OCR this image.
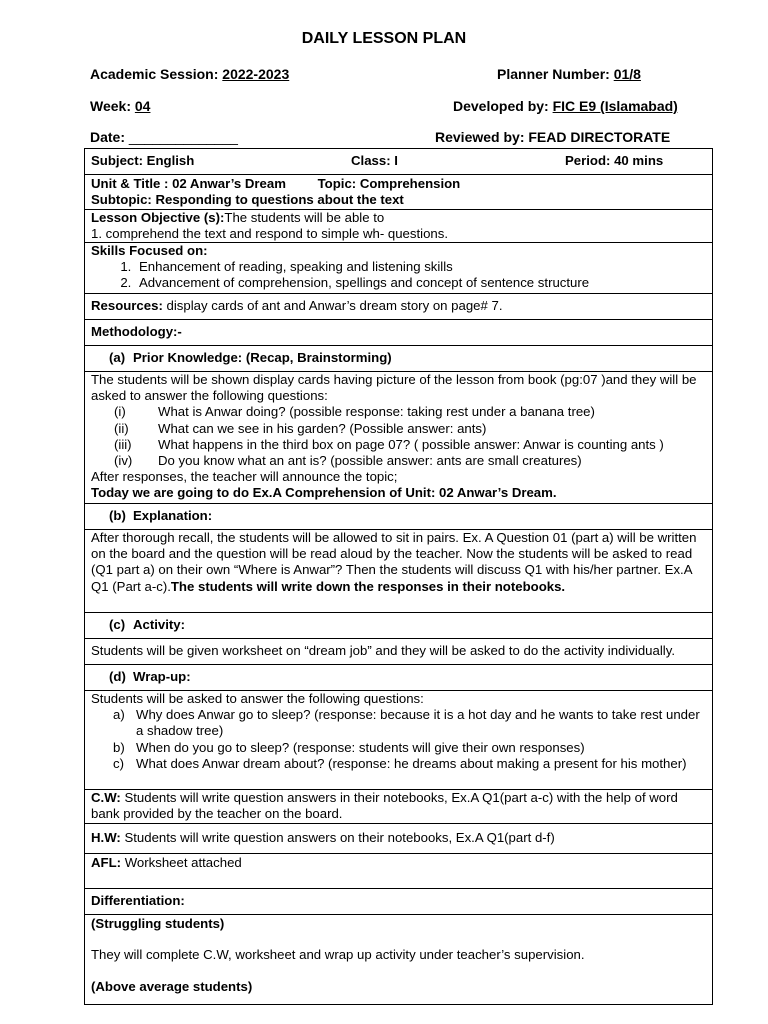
DAILY LESSON PLAN
Academic Session: 2022-2023	Planner Number: 01/8
Week: 04	Developed by: FIC E9 (Islamabad)
Date: ______________	Reviewed by: FEAD DIRECTORATE
Subject: English	Class: I	Period: 40 mins
Unit & Title : 02 Anwar’s Dream Topic: Comprehension
Subtopic: Responding to questions about the text
Lesson Objective (s):The students will be able to
1. comprehend the text and respond to simple wh- questions.
Skills Focused on:
1. Enhancement of reading, speaking and listening skills
2. Advancement of comprehension, spellings and concept of sentence structure
Resources: display cards of ant and Anwar’s dream story on page# 7.
Methodology:-
(a) Prior Knowledge: (Recap, Brainstorming)
The students will be shown display cards having picture of the lesson from book (pg:07 )and they will be asked to answer the following questions:
(i)	What is Anwar doing? (possible response: taking rest under a banana tree)
(ii)	What can we see in his garden? (Possible answer: ants)
(iii)	What happens in the third box on page 07? ( possible answer: Anwar is counting ants )
(iv)	Do you know what an ant is? (possible answer: ants are small creatures)
After responses, the teacher will announce the topic;
Today we are going to do Ex.A Comprehension of Unit: 02 Anwar’s Dream.
(b) Explanation:
After thorough recall, the students will be allowed to sit in pairs. Ex. A Question 01 (part a) will be written on the board and the question will be read aloud by the teacher. Now the students will be asked to read (Q1 part a) on their own “Where is Anwar”? Then the students will discuss Q1 with his/her partner. Ex.A Q1 (Part a-c).The students will write down the responses in their notebooks.
(c) Activity:
Students will be given worksheet on “dream job” and they will be asked to do the activity individually.
(d) Wrap-up:
Students will be asked to answer the following questions:
a) Why does Anwar go to sleep? (response: because it is a hot day and he wants to take rest under a shadow tree)
b) When do you go to sleep? (response: students will give their own responses)
c) What does Anwar dream about? (response: he dreams about making a present for his mother)
C.W: Students will write question answers in their notebooks, Ex.A Q1(part a-c) with the help of word bank provided by the teacher on the board.
H.W: Students will write question answers on their notebooks, Ex.A Q1(part d-f)
AFL: Worksheet attached
Differentiation:
(Struggling students)
They will complete C.W, worksheet and wrap up activity under teacher’s supervision.
(Above average students)
